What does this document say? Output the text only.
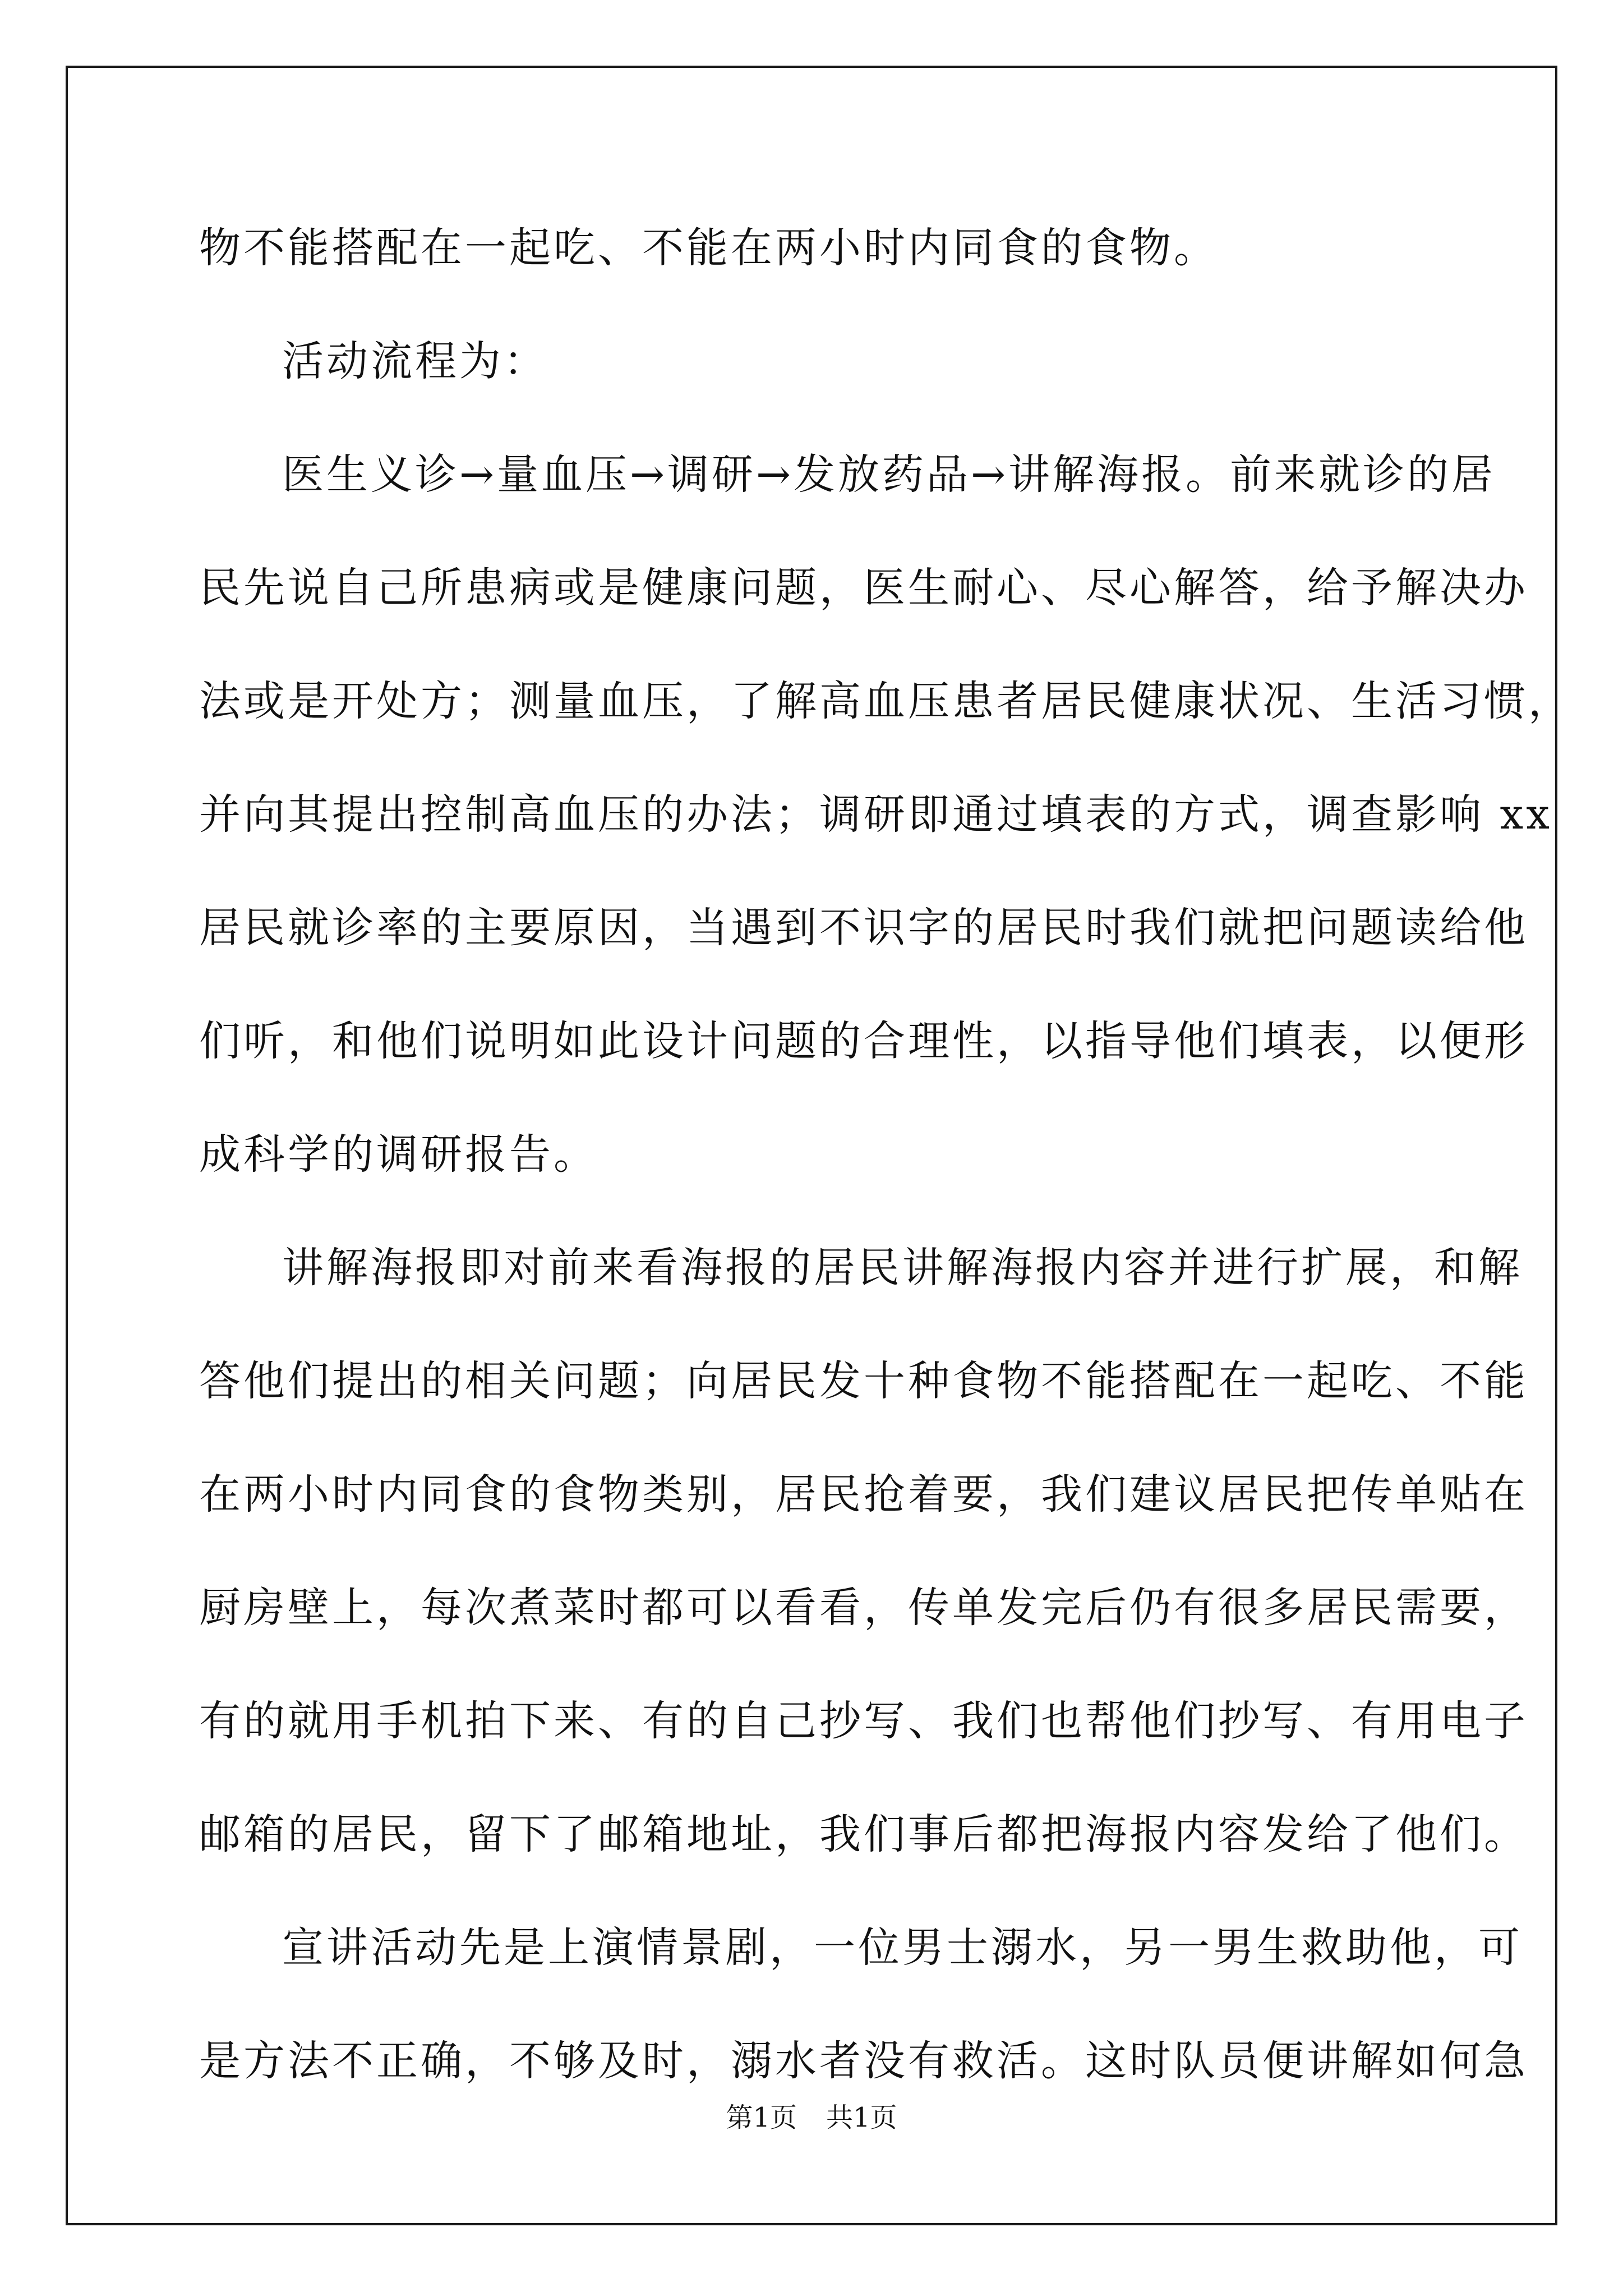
物不能搭配在一起吃、不能在两小时内同食的食物。
活动流程为：
医生义诊→量血压→调研→发放药品→讲解海报。前来就诊的居
民先说自己所患病或是健康问题，医生耐心、尽心解答，给予解决办
法或是开处方；测量血压，了解高血压患者居民健康状况、生活习惯，
并向其提出控制高血压的办法；调研即通过填表的方式，调查影响 xx
居民就诊率的主要原因，当遇到不识字的居民时我们就把问题读给他
们听，和他们说明如此设计问题的合理性，以指导他们填表，以便形
成科学的调研报告。
讲解海报即对前来看海报的居民讲解海报内容并进行扩展，和解
答他们提出的相关问题；向居民发十种食物不能搭配在一起吃、不能
在两小时内同食的食物类别，居民抢着要，我们建议居民把传单贴在
厨房壁上，每次煮菜时都可以看看，传单发完后仍有很多居民需要，
有的就用手机拍下来、有的自己抄写、我们也帮他们抄写、有用电子
邮箱的居民，留下了邮箱地址，我们事后都把海报内容发给了他们。
宣讲活动先是上演情景剧，一位男士溺水，另一男生救助他，可
是方法不正确，不够及时，溺水者没有救活。这时队员便讲解如何急
第1页 共1页
